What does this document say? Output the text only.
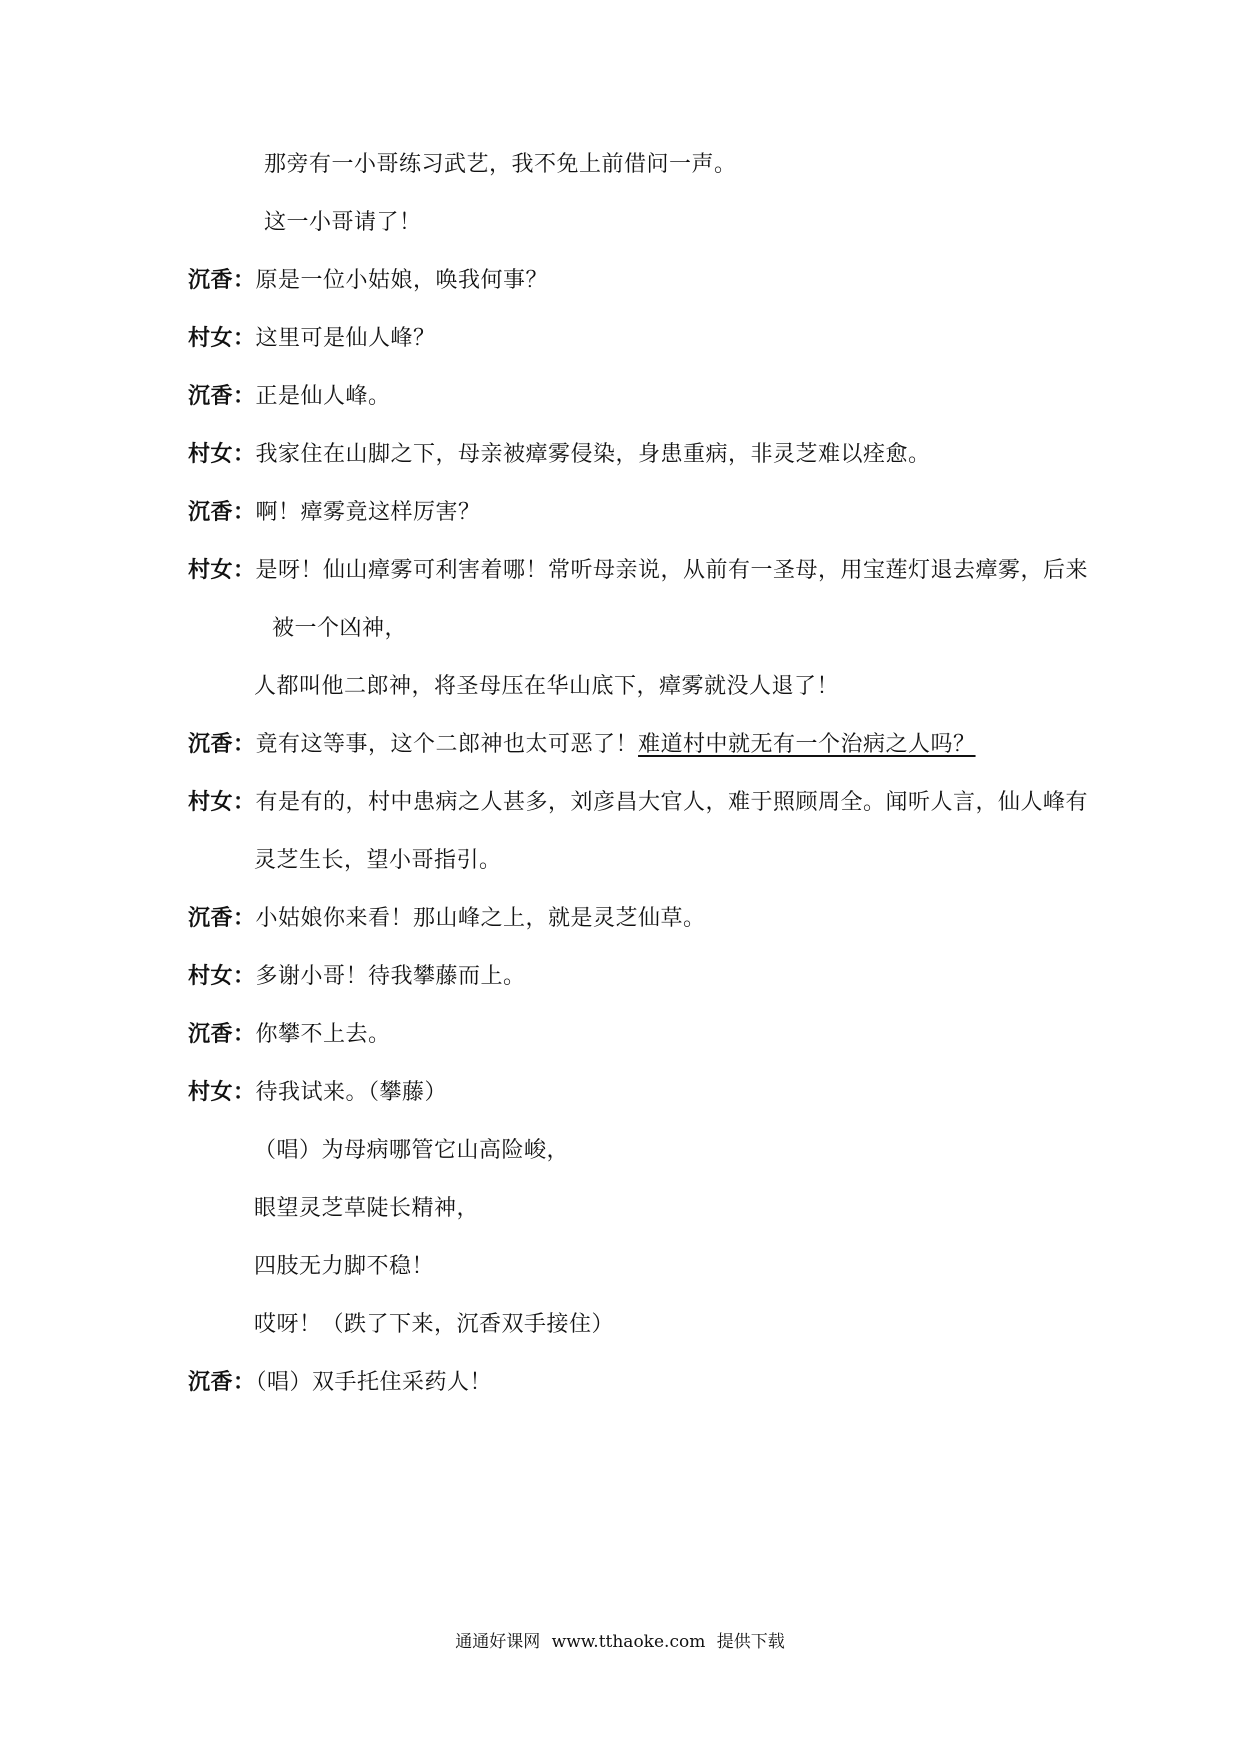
那旁有一小哥练习武艺，我不免上前借问一声。
这一小哥请了！
沉香：原是一位小姑娘，唤我何事？
村女：这里可是仙人峰？
沉香：正是仙人峰。
村女：我家住在山脚之下，母亲被瘴雾侵染，身患重病，非灵芝难以痊愈。
沉香：啊！瘴雾竟这样厉害？
村女：是呀！仙山瘴雾可利害着哪！常听母亲说，从前有一圣母，用宝莲灯退去瘴雾，后来
被一个凶神，
人都叫他二郎神，将圣母压在华山底下，瘴雾就没人退了！
沉香：竟有这等事，这个二郎神也太可恶了！难道村中就无有一个治病之人吗？
村女：有是有的，村中患病之人甚多，刘彦昌大官人，难于照顾周全。闻听人言，仙人峰有
灵芝生长，望小哥指引。
沉香：小姑娘你来看！那山峰之上，就是灵芝仙草。
村女：多谢小哥！待我攀藤而上。
沉香：你攀不上去。
村女：待我试来。（攀藤）
（唱）为母病哪管它山高险峻，
眼望灵芝草陡长精神，
四肢无力脚不稳！
哎呀！（跌了下来，沉香双手接住）
沉香：（唱）双手托住采药人！
通通好课网 www.tthaoke.com 提供下载
